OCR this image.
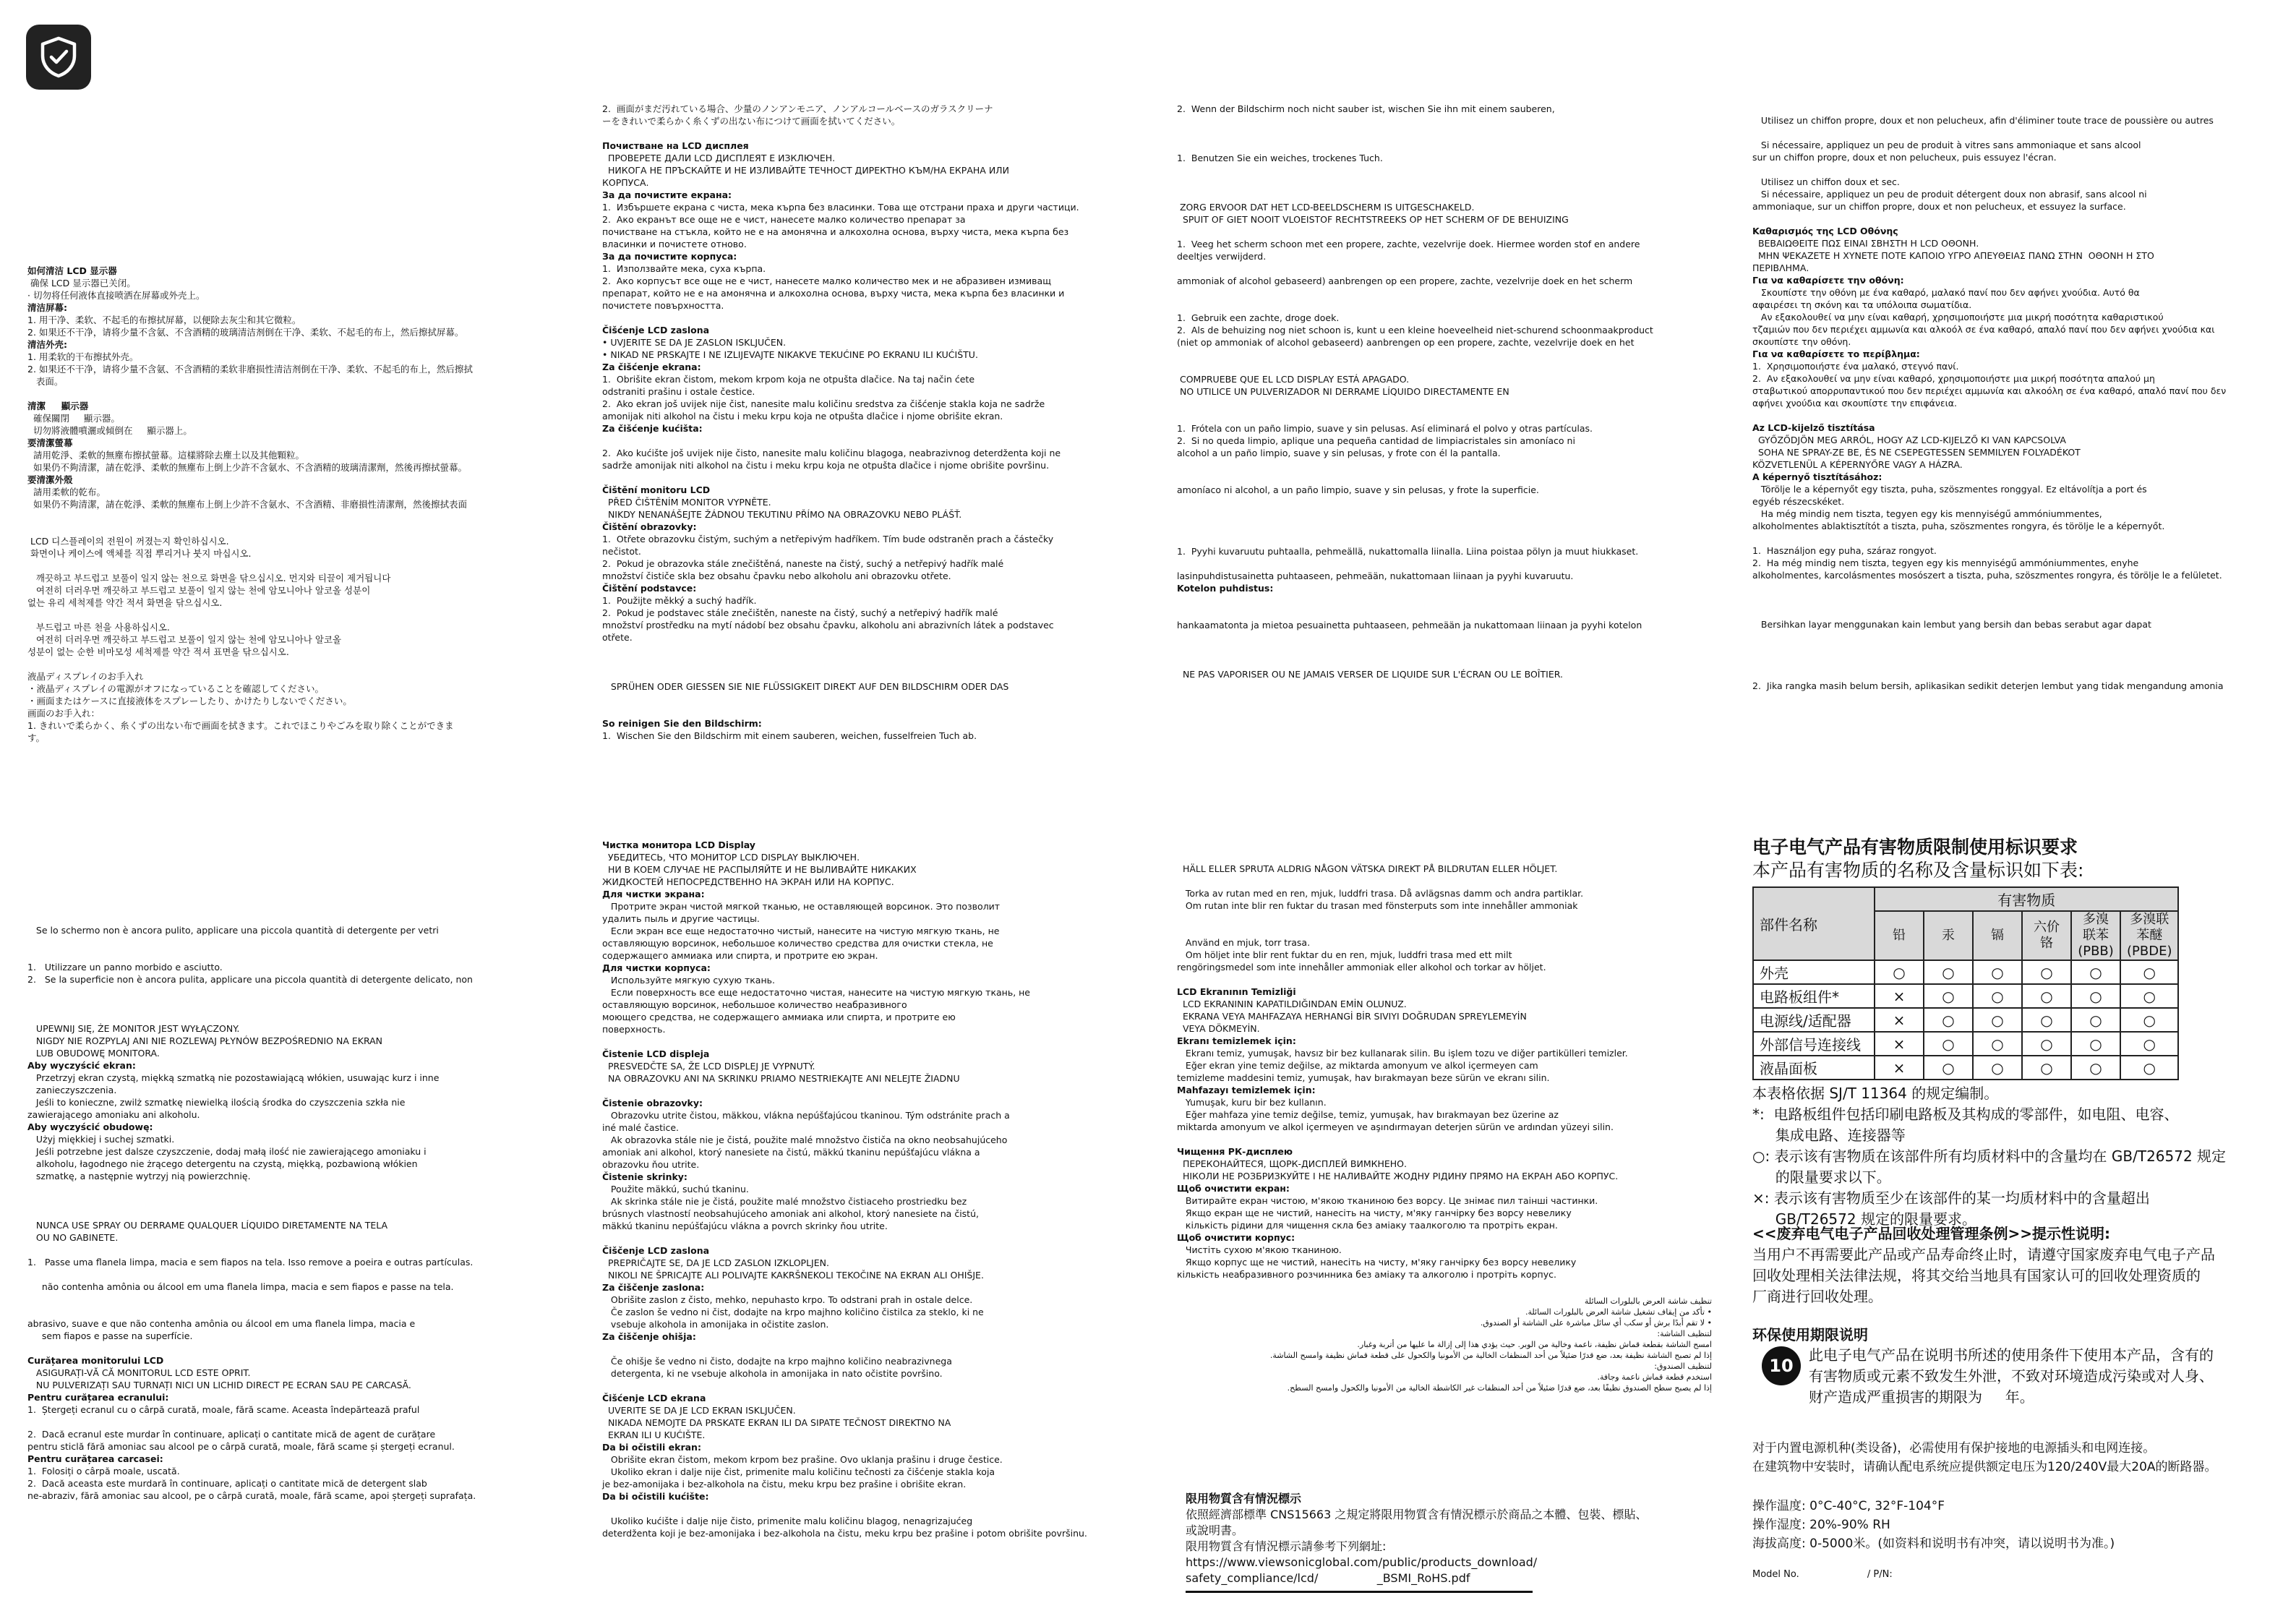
如何清洁 LCD 显示器

确保 LCD 显示器已关闭。

· 切勿将任何液体直接喷洒在屏幕或外壳上。

清洁屏幕:

1. 用干净、柔软、不起毛的布擦拭屏幕，以便除去灰尘和其它微粒。

2. 如果还不干净，请将少量不含氨、不含酒精的玻璃清洁剂倒在干净、柔软、不起毛的布上，然后擦拭屏幕。

清洁外壳:

1. 用柔软的干布擦拭外壳。

2. 如果还不干净，请将少量不含氨、不含酒精的柔软非磨损性清洁剂倒在干净、柔软、不起毛的布上，然后擦拭

表面。

清潔     顯示器

確保關閉     顯示器。

切勿將液體噴灑或傾倒在     顯示器上。

要清潔螢幕

請用乾淨、柔軟的無塵布擦拭螢幕。這樣將除去塵土以及其他顆粒。

如果仍不夠清潔，請在乾淨、柔軟的無塵布上倒上少許不含氨水、不含酒精的玻璃清潔劑，然後再擦拭螢幕。

要清潔外殼

請用柔軟的乾布。

如果仍不夠清潔，請在乾淨、柔軟的無塵布上倒上少許不含氨水、不含酒精、非磨損性清潔劑，然後擦拭表面

LCD 디스플레이의 전원이 꺼졌는지 확인하십시오.

화면이나 케이스에 액체를 직접 뿌리거나 붓지 마십시오.

깨끗하고 부드럽고 보풀이 일지 않는 천으로 화면을 닦으십시오. 먼지와 티끌이 제거됩니다

여전히 더러우면 깨끗하고 부드럽고 보풀이 일지 않는 천에 암모니아나 알코올 성분이

없는 유리 세척제를 약간 적셔 화면을 닦으십시오.

부드럽고 마른 천을 사용하십시오.

여전히 더러우면 깨끗하고 부드럽고 보풀이 일지 않는 천에 암모니아나 알코올

성분이 없는 순한 비마모성 세척제를 약간 적셔 표면을 닦으십시오.

液晶ディスプレイのお手入れ

・液晶ディスプレイの電源がオフになっていることを確認してください。

・画面またはケースに直接液体をスプレーしたり、かけたりしないでください。

画面のお手入れ：

1. きれいで柔らかく、糸くずの出ない布で画面を拭きます。これでほこりやごみを取り除くことができま

す。

Se lo schermo non è ancora pulito, applicare una piccola quantità di detergente per vetri

1.   Utilizzare un panno morbido e asciutto.

2.   Se la superficie non è ancora pulita, applicare una piccola quantità di detergente delicato, non

UPEWNIJ SIĘ, ŻE MONITOR JEST WYŁĄCZONY.

NIGDY NIE ROZPYLAJ ANI NIE ROZLEWAJ PŁYNÓW BEZPOŚREDNIO NA EKRAN

LUB OBUDOWĘ MONITORA.

Aby wyczyścić ekran:

Przetrzyj ekran czystą, miękką szmatką nie pozostawiającą włókien, usuwając kurz i inne

zanieczyszczenia.

Jeśli to konieczne, zwilż szmatkę niewielką ilością środka do czyszczenia szkła nie

zawierającego amoniaku ani alkoholu.

Aby wyczyścić obudowę:

Użyj miękkiej i suchej szmatki.

Jeśli potrzebne jest dalsze czyszczenie, dodaj małą ilość nie zawierającego amoniaku i

alkoholu, łagodnego nie żrącego detergentu na czystą, miękką, pozbawioną włókien

szmatkę, a następnie wytrzyj nią powierzchnię.

NUNCA USE SPRAY OU DERRAME QUALQUER LÍQUIDO DIRETAMENTE NA TELA

OU NO GABINETE.

1.   Passe uma flanela limpa, macia e sem fiapos na tela. Isso remove a poeira e outras partículas.

não contenha amônia ou álcool em uma flanela limpa, macia e sem fiapos e passe na tela.

abrasivo, suave e que não contenha amônia ou álcool em uma flanela limpa, macia e

sem fiapos e passe na superfície.

Curățarea monitorului LCD

ASIGURAȚI-VĂ CĂ MONITORUL LCD ESTE OPRIT.

NU PULVERIZAȚI SAU TURNAȚI NICI UN LICHID DIRECT PE ECRAN SAU PE CARCASĂ.

Pentru curățarea ecranului:

1.  Ștergeți ecranul cu o cârpă curată, moale, fără scame. Aceasta îndepărtează praful

2.  Dacă ecranul este murdar în continuare, aplicați o cantitate mică de agent de curățare

pentru sticlă fără amoniac sau alcool pe o cârpă curată, moale, fără scame și ștergeți ecranul.

Pentru curățarea carcasei:

1.  Folosiți o cârpă moale, uscată.

2.  Dacă aceasta este murdară în continuare, aplicați o cantitate mică de detergent slab

ne-abraziv, fără amoniac sau alcool, pe o cârpă curată, moale, fără scame, apoi ștergeți suprafața.

2.  画面がまだ汚れている場合、少量のノンアンモニア、ノンアルコールベースのガラスクリーナ

ーをきれいで柔らかく糸くずの出ない布につけて画面を拭いてください。

Почистване на LCD дисплея

ПРОВЕРЕТЕ ДАЛИ LCD ДИСПЛЕЯТ Е ИЗКЛЮЧЕН.

НИКОГА НЕ ПРЪСКАЙТЕ И НЕ ИЗЛИВАЙТЕ ТЕЧНОСТ ДИРЕКТНО КЪМ/НА ЕКРАНА ИЛИ

КОРПУСА.

За да почистите екрана:

1.  Избършете екрана с чиста, мека кърпа без власинки. Това ще отстрани праха и други частици.

2.  Ако екранът все още не е чист, нанесете малко количество препарат за

почистване на стъкла, който не е на амонячна и алкохолна основа, върху чиста, мека кърпа без

власинки и почистете отново.

За да почистите корпуса:

1.  Използвайте мека, суха кърпа.

2.  Ако корпусът все още не е чист, нанесете малко количество мек и не абразивен измиващ

препарат, който не е на амонячна и алкохолна основа, върху чиста, мека кърпа без власинки и

почистете повърхността.

Čišćenje LCD zaslona

• UVJERITE SE DA JE ZASLON ISKLJUČEN.

• NIKAD NE PRSKAJTE I NE IZLIJEVAJTE NIKAKVE TEKUĆINE PO EKRANU ILI KUĆIŠTU.

Za čišćenje ekrana:

1.  Obrišite ekran čistom, mekom krpom koja ne otpušta dlačice. Na taj način ćete

odstraniti prašinu i ostale čestice.

2.  Ako ekran još uvijek nije čist, nanesite malu količinu sredstva za čišćenje stakla koja ne sadrže

amonijak niti alkohol na čistu i meku krpu koja ne otpušta dlačice i njome obrišite ekran.

Za čišćenje kućišta:

2.  Ako kućište još uvijek nije čisto, nanesite malu količinu blagoga, neabrazivnog deterdženta koji ne

sadrže amonijak niti alkohol na čistu i meku krpu koja ne otpušta dlačice i njome obrišite površinu.

Čištění monitoru LCD

PŘED ČIŠTĚNÍM MONITOR VYPNĚTE.

NIKDY NENANÁŠEJTE ŽÁDNOU TEKUTINU PŘÍMO NA OBRAZOVKU NEBO PLÁŠŤ.

Čištění obrazovky:

1.  Otřete obrazovku čistým, suchým a netřepivým hadříkem. Tím bude odstraněn prach a částečky

nečistot.

2.  Pokud je obrazovka stále znečištěná, naneste na čistý, suchý a netřepivý hadřík malé

množství čističe skla bez obsahu čpavku nebo alkoholu ani obrazovku otřete.

Čištění podstavce:

1.  Použijte měkký a suchý hadřík.

2.  Pokud je podstavec stále znečištěn, naneste na čistý, suchý a netřepivý hadřík malé

množství prostředku na mytí nádobí bez obsahu čpavku, alkoholu ani abrazivních látek a podstavec

otřete.

SPRÜHEN ODER GIESSEN SIE NIE FLÜSSIGKEIT DIREKT AUF DEN BILDSCHIRM ODER DAS

So reinigen Sie den Bildschirm:

1.  Wischen Sie den Bildschirm mit einem sauberen, weichen, fusselfreien Tuch ab.

Чистка монитора LCD Display

УБЕДИТЕСЬ, ЧТО МОНИТОР LCD DISPLAY ВЫКЛЮЧЕН.

НИ В КОЕМ СЛУЧАЕ НЕ РАСПЫЛЯЙТЕ И НЕ ВЫЛИВАЙТЕ НИКАКИХ

ЖИДКОСТЕЙ НЕПОСРЕДСТВЕННО НА ЭКРАН ИЛИ НА КОРПУС.

Для чистки экрана:

Протрите экран чистой мягкой тканью, не оставляющей ворсинок. Это позволит

удалить пыль и другие частицы.

Если экран все еще недостаточно чистый, нанесите на чистую мягкую ткань, не

оставляющую ворсинок, небольшое количество средства для очистки стекла, не

содержащего аммиака или спирта, и протрите ею экран.

Для чистки корпуса:

Используйте мягкую сухую ткань.

Если поверхность все еще недостаточно чистая, нанесите на чистую мягкую ткань, не

оставляющую ворсинок, небольшое количество неабразивного

моющего средства, не содержащего аммиака или спирта, и протрите ею

поверхность.

Čistenie LCD displeja

PRESVEDČTE SA, ŽE LCD DISPLEJ JE VYPNUTÝ.

NA OBRAZOVKU ANI NA SKRINKU PRIAMO NESTRIEKAJTE ANI NELEJTE ŽIADNU

Čistenie obrazovky:

Obrazovku utrite čistou, mäkkou, vlákna nepúšťajúcou tkaninou. Tým odstránite prach a

iné malé častice.

Ak obrazovka stále nie je čistá, použite malé množstvo čističa na okno neobsahujúceho

amoniak ani alkohol, ktorý nanesiete na čistú, mäkkú tkaninu nepúšťajúcu vlákna a

obrazovku ňou utrite.

Čistenie skrinky:

Použite mäkkú, suchú tkaninu.

Ak skrinka stále nie je čistá, použite malé množstvo čistiaceho prostriedku bez

brúsnych vlastností neobsahujúceho amoniak ani alkohol, ktorý nanesiete na čistú,

mäkkú tkaninu nepúšťajúcu vlákna a povrch skrinky ňou utrite.

Čiščenje LCD zaslona

PREPRIČAJTE SE, DA JE LCD ZASLON IZKLOPLJEN.

NIKOLI NE ŠPRICAJTE ALI POLIVAJTE KAKRŠNEKOLI TEKOČINE NA EKRAN ALI OHIŠJE.

Za čiščenje zaslona:

Obrišite zaslon z čisto, mehko, nepuhasto krpo. To odstrani prah in ostale delce.

Če zaslon še vedno ni čist, dodajte na krpo majhno količino čistilca za steklo, ki ne

vsebuje alkohola in amonijaka in očistite zaslon.

Za čiščenje ohišja:

Če ohišje še vedno ni čisto, dodajte na krpo majhno količino neabrazivnega

detergenta, ki ne vsebuje alkohola in amonijaka in nato očistite površino.

Čišćenje LCD ekrana

UVERITE SE DA JE LCD EKRAN ISKLJUČEN.

NIKADA NEMOJTE DA PRSKATE EKRAN ILI DA SIPATE TEČNOST DIREKTNO NA

EKRAN ILI U KUĆIŠTE.

Da bi očistili ekran:

Obrišite ekran čistom, mekom krpom bez prašine. Ovo uklanja prašinu i druge čestice.

Ukoliko ekran i dalje nije čist, primenite malu količinu tečnosti za čišćenje stakla koja

je bez-amonijaka i bez-alkohola na čistu, meku krpu bez prašine i obrišite ekran.

Da bi očistili kućište:

Ukoliko kućište i dalje nije čisto, primenite malu količinu blagog, nenagrizajućeg

deterdženta koji je bez-amonijaka i bez-alkohola na čistu, meku krpu bez prašine i potom obrišite površinu.

2.  Wenn der Bildschirm noch nicht sauber ist, wischen Sie ihn mit einem sauberen,

1.  Benutzen Sie ein weiches, trockenes Tuch.

ZORG ERVOOR DAT HET LCD-BEELDSCHERM IS UITGESCHAKELD.

SPUIT OF GIET NOOIT VLOEISTOF RECHTSTREEKS OP HET SCHERM OF DE BEHUIZING

1.  Veeg het scherm schoon met een propere, zachte, vezelvrije doek. Hiermee worden stof en andere

deeltjes verwijderd.

ammoniak of alcohol gebaseerd) aanbrengen op een propere, zachte, vezelvrije doek en het scherm

1.  Gebruik een zachte, droge doek.

2.  Als de behuizing nog niet schoon is, kunt u een kleine hoeveelheid niet-schurend schoonmaakproduct

(niet op ammoniak of alcohol gebaseerd) aanbrengen op een propere, zachte, vezelvrije doek en het

COMPRUEBE QUE EL LCD DISPLAY ESTÁ APAGADO.

NO UTILICE UN PULVERIZADOR NI DERRAME LÍQUIDO DIRECTAMENTE EN

1.  Frótela con un paño limpio, suave y sin pelusas. Así eliminará el polvo y otras partículas.

2.  Si no queda limpio, aplique una pequeña cantidad de limpiacristales sin amoníaco ni

alcohol a un paño limpio, suave y sin pelusas, y frote con él la pantalla.

amoníaco ni alcohol, a un paño limpio, suave y sin pelusas, y frote la superficie.

1.  Pyyhi kuvaruutu puhtaalla, pehmeällä, nukattomalla liinalla. Liina poistaa pölyn ja muut hiukkaset.

lasinpuhdistusainetta puhtaaseen, pehmeään, nukattomaan liinaan ja pyyhi kuvaruutu.

Kotelon puhdistus:

hankaamatonta ja mietoa pesuainetta puhtaaseen, pehmeään ja nukattomaan liinaan ja pyyhi kotelon

NE PAS VAPORISER OU NE JAMAIS VERSER DE LIQUIDE SUR L'ÉCRAN OU LE BOÎTIER.

HÄLL ELLER SPRUTA ALDRIG NÅGON VÄTSKA DIREKT PÅ BILDRUTAN ELLER HÖLJET.

Torka av rutan med en ren, mjuk, luddfri trasa. Då avlägsnas damm och andra partiklar.

Om rutan inte blir ren fuktar du trasan med fönsterputs som inte innehåller ammoniak

Använd en mjuk, torr trasa.

Om höljet inte blir rent fuktar du en ren, mjuk, luddfri trasa med ett milt

rengöringsmedel som inte innehåller ammoniak eller alkohol och torkar av höljet.

LCD Ekranının Temizliği

LCD EKRANININ KAPATILDIĞINDAN EMİN OLUNUZ.

EKRANA VEYA MAHFAZAYA HERHANGİ BİR SIVIYI DOĞRUDAN SPREYLEMEYİN

VEYA DÖKMEYİN.

Ekranı temizlemek için:

Ekranı temiz, yumuşak, havsız bir bez kullanarak silin. Bu işlem tozu ve diğer partikülleri temizler.

Eğer ekran yine temiz değilse, az miktarda amonyum ve alkol içermeyen cam

temizleme maddesini temiz, yumuşak, hav bırakmayan beze sürün ve ekranı silin.

Mahfazayı temizlemek için:

Yumuşak, kuru bir bez kullanın.

Eğer mahfaza yine temiz değilse, temiz, yumuşak, hav bırakmayan bez üzerine az

miktarda amonyum ve alkol içermeyen ve aşındırmayan deterjen sürün ve ardından yüzeyi silin.

Чищення РК-дисплею

ПЕРЕКОНАЙТЕСЯ, ЩОРК-ДИСПЛЕЙ ВИМКНЕНО.

НІКОЛИ НЕ РОЗБРИЗКУЙТЕ І НЕ НАЛИВАЙТЕ ЖОДНУ РІДИНУ ПРЯМО НА ЕКРАН АБО КОРПУС.

Щоб очистити екран:

Витирайте екран чистою, м'якою тканиною без ворсу. Це знімає пил таінші частинки.

Якщо екран ще не чистий, нанесіть на чисту, м'яку ганчірку без ворсу невелику

кількість рідини для чищення скла без аміаку таалкоголю та протріть екран.

Щоб очистити корпус:

Чистіть сухою м'якою тканиною.

Якщо корпус ще не чистий, нанесіть на чисту, м'яку ганчірку без ворсу невелику

кількість неабразивного розчинника без аміаку та алкоголю і протріть корпус.

تنظيف شاشة العرض بالبلورات السائلة

• تأكد من إيقاف تشغيل شاشة العرض بالبلورات السائلة.

• لا تقم أبدًا برش أو سكب أي سائل مباشرة على الشاشة أو الصندوق.

لتنظيف الشاشة:

امسح الشاشة بقطعة قماش نظيفة، ناعمة وخالية من الوبر. حيث يؤدي هذا إلى إزالة ما عليها من أتربة وغبار.

إذا لم تصبح الشاشة نظيفة بعد، ضع قدرًا ضئيلاً من أحد المنظفات الخالية من الأمونيا والكحول على قطعة قماش نظيفة وامسح الشاشة.

لتنظيف الصندوق:

استخدم قطعة قماش ناعمة وجافة.

إذا لم يصبح سطح الصندوق نظيفًا بعد، ضع قدرًا ضئيلاً من أحد المنظفات غير الكاشطة الخالية من الأمونيا والكحول وامسح السطح.

限用物質含有情況標示

依照經濟部標準 CNS15663 之規定將限用物質含有情況標示於商品之本體、包裝、標貼、

或說明書。

限用物質含有情況標示請參考下列網址:

https://www.viewsonicglobal.com/public/products_download/

safety_compliance/lcd/                _BSMI_RoHS.pdf

Utilisez un chiffon propre, doux et non pelucheux, afin d'éliminer toute trace de poussière ou autres

Si nécessaire, appliquez un peu de produit à vitres sans ammoniaque et sans alcool

sur un chiffon propre, doux et non pelucheux, puis essuyez l'écran.

Utilisez un chiffon doux et sec.

Si nécessaire, appliquez un peu de produit détergent doux non abrasif, sans alcool ni

ammoniaque, sur un chiffon propre, doux et non pelucheux, et essuyez la surface.

Καθαρισμός της LCD Οθόνης

ΒΕΒΑΙΩΘΕΙΤΕ ΠΩΣ ΕΙΝΑΙ ΣΒΗΣΤΗ Η LCD ΟΘΟΝΗ.

ΜΗΝ ΨΕΚΑΖΕΤΕ Η ΧΥΝΕΤΕ ΠΟΤΕ ΚΑΠΟΙΟ ΥΓΡΟ ΑΠΕΥΘΕΙΑΣ ΠΑΝΩ ΣΤΗΝ  ΟΘΟΝΗ Η ΣΤΟ

ΠΕΡΙΒΛΗΜΑ.

Για να καθαρίσετε την οθόνη:

Σκουπίστε την οθόνη με ένα καθαρό, μαλακό πανί που δεν αφήνει χνούδια. Αυτό θα

αφαιρέσει τη σκόνη και τα υπόλοιπα σωματίδια.

Αν εξακολουθεί να μην είναι καθαρή, χρησιμοποιήστε μια μικρή ποσότητα καθαριστικού

τζαμιών που δεν περιέχει αμμωνία και αλκοόλ σε ένα καθαρό, απαλό πανί που δεν αφήνει χνούδια και

σκουπίστε την οθόνη.

Για να καθαρίσετε το περίβλημα:

1.  Χρησιμοποιήστε ένα μαλακό, στεγνό πανί.

2.  Αν εξακολουθεί να μην είναι καθαρό, χρησιμοποιήστε μια μικρή ποσότητα απαλού μη

σταβωτικού απορρυπαντικού που δεν περιέχει αμμωνία και αλκοόλη σε ένα καθαρό, απαλό πανί που δεν

αφήνει χνούδια και σκουπίστε την επιφάνεια.

Az LCD-kijelző tisztítása

GYŐZŐDJÖN MEG ARRÓL, HOGY AZ LCD-KIJELZŐ KI VAN KAPCSOLVA

SOHA NE SPRAY-ZE BE, ÉS NE CSEPEGTESSEN SEMMILYEN FOLYADÉKOT

KÖZVETLENÜL A KÉPERNYŐRE VAGY A HÁZRA.

A képernyő tisztításához:

Törölje le a képernyőt egy tiszta, puha, szöszmentes ronggyal. Ez eltávolítja a port és

egyéb részecskéket.

Ha még mindig nem tiszta, tegyen egy kis mennyiségű ammóniummentes,

alkoholmentes ablaktisztítót a tiszta, puha, szöszmentes rongyra, és törölje le a képernyőt.

1.  Használjon egy puha, száraz rongyot.

2.  Ha még mindig nem tiszta, tegyen egy kis mennyiségű ammóniummentes, enyhe

alkoholmentes, karcolásmentes mosószert a tiszta, puha, szöszmentes rongyra, és törölje le a felületet.

Bersihkan layar menggunakan kain lembut yang bersih dan bebas serabut agar dapat

2.  Jika rangka masih belum bersih, aplikasikan sedikit deterjen lembut yang tidak mengandung amonia

电子电气产品有害物质限制使用标识要求

本产品有害物质的名称及含量标识如下表:

部件名称	有害物质					
	铅	汞	镉	六价铬	多溴联苯
(PBB)	多溴联苯醚
(PBDE)
外壳	○	○	○	○	○	○
电路板组件*	×	○	○	○	○	○
电源线/适配器	×	○	○	○	○	○
外部信号连接线	×	○	○	○	○	○
液晶面板	×	○	○	○	○	○

本表格依据 SJ/T 11364 的规定编制。

*:  电路板组件包括印刷电路板及其构成的零部件，如电阻、电容、

集成电路、连接器等

○: 表示该有害物质在该部件所有均质材料中的含量均在 GB/T26572 规定

的限量要求以下。

×: 表示该有害物质至少在该部件的某一均质材料中的含量超出

GB/T26572 规定的限量要求。

<<废弃电气电子产品回收处理管理条例>>提示性说明:

当用户不再需要此产品或产品寿命终止时，请遵守国家废弃电气电子产品

回收处理相关法律法规，将其交给当地具有国家认可的回收处理资质的

厂商进行回收处理。

环保使用期限说明

10

此电子电气产品在说明书所述的使用条件下使用本产品，含有的

有害物质或元素不致发生外泄，不致对环境造成污染或对人身、

财产造成严重损害的期限为     年。

对于内置电源机种(类设备)，必需使用有保护接地的电源插头和电网连接。

在建筑物中安装时，请确认配电系统应提供额定电压为120/240V最大20A的断路器。

操作温度: 0°C-40°C, 32°F-104°F

操作湿度: 20%-90% RH

海拔高度: 0-5000米。(如资料和说明书有冲突，请以说明书为准。)

Model No.	/ P/N:
